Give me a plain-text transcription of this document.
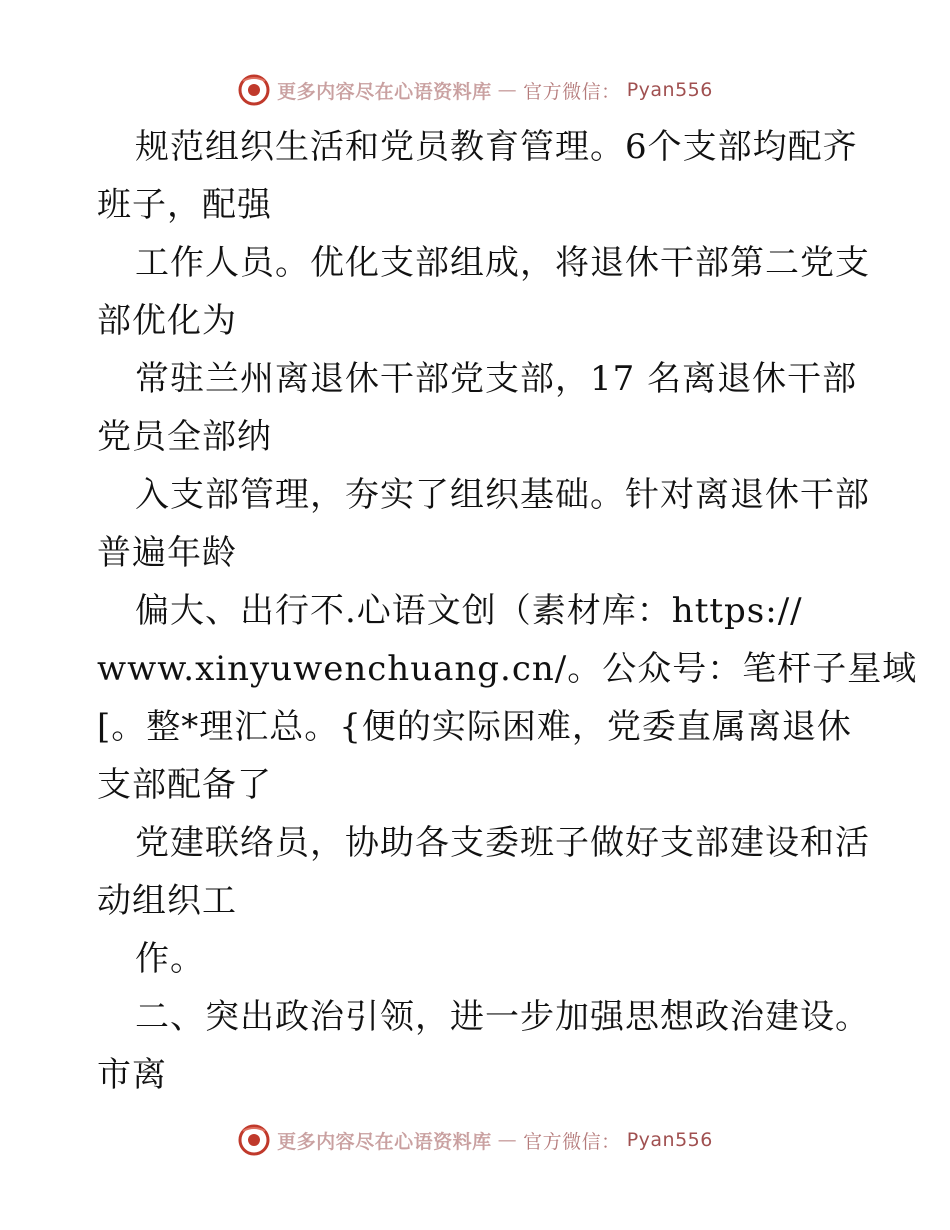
更多内容尽在心语资料库 — 官方微信： Pyan556
规范组织生活和党员教育管理。6个支部均配齐
班子，配强
工作人员。优化支部组成，将退休干部第二党支
部优化为
常驻兰州离退休干部党支部，17 名离退休干部
党员全部纳
入支部管理，夯实了组织基础。针对离退休干部
普遍年龄
偏大、出行不.心语文创（素材库：https://
www.xinyuwenchuang.cn/。公众号：笔杆子星域
[。整*理汇总。{便的实际困难，党委直属离退休
支部配备了
党建联络员，协助各支委班子做好支部建设和活
动组织工
作。
二、突出政治引领，进一步加强思想政治建设。
市离
更多内容尽在心语资料库 — 官方微信： Pyan556
